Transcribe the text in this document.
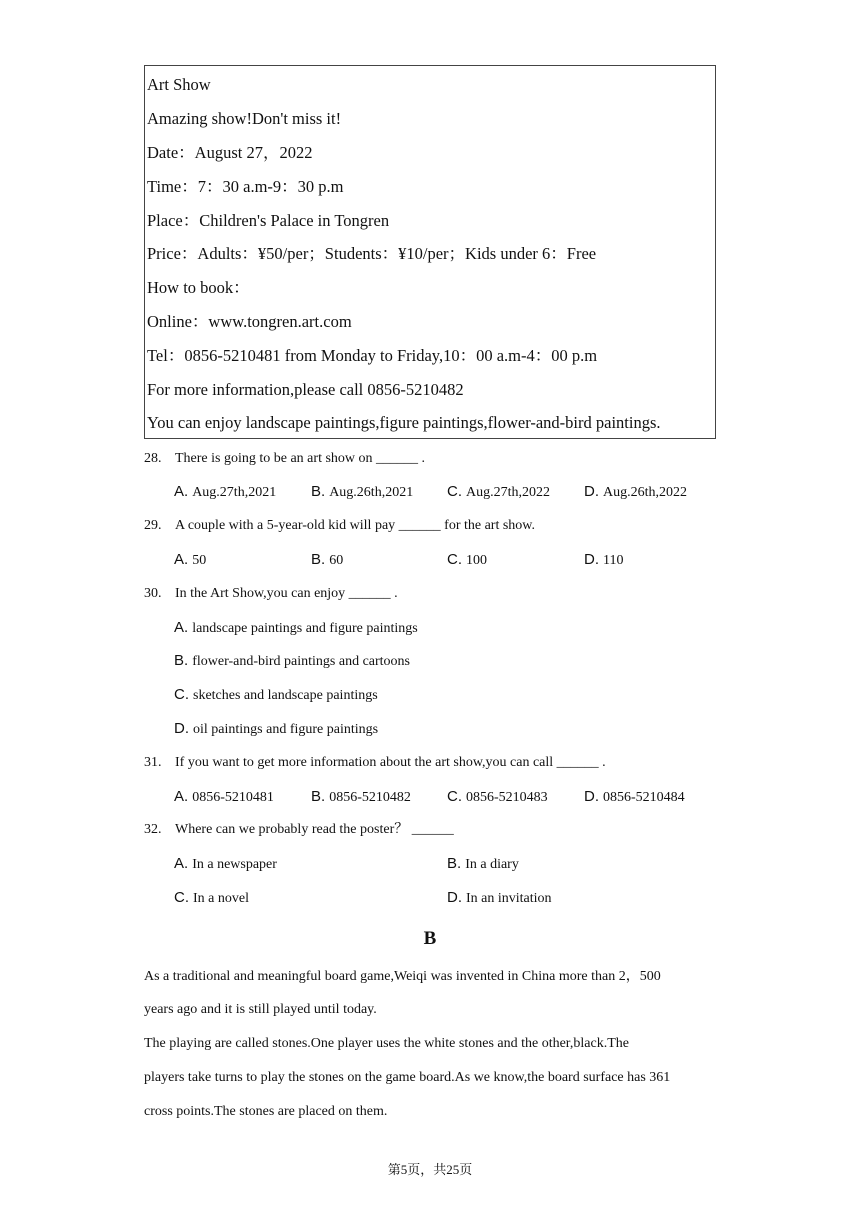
Art Show
Amazing show!Don't miss it!
Date：August 27，2022
Time：7：30 a.m-9：30 p.m
Place：Children's Palace in Tongren
Price：Adults：¥50/per；Students：¥10/per；Kids under 6：Free
How to book：
Online：www.tongren.art.com
Tel：0856-5210481 from Monday to Friday,10：00 a.m-4：00 p.m
For more information,please call 0856-5210482
You can enjoy landscape paintings,figure paintings,flower-and-bird paintings.
28. There is going to be an art show on ______ .
A. Aug.27th,2021 B. Aug.26th,2021 C. Aug.27th,2022 D. Aug.26th,2022
29. A couple with a 5-year-old kid will pay ______ for the art show.
A. 50	B. 60	C. 100	D. 110
30. In the Art Show,you can enjoy ______ .
A. landscape paintings and figure paintings
B. flower-and-bird paintings and cartoons
C. sketches and landscape paintings
D. oil paintings and figure paintings
31. If you want to get more information about the art show,you can call ______ .
A. 0856-5210481 B. 0856-5210482 C. 0856-5210483 D. 0856-5210484
32. Where can we probably read the poster？ ______
A. In a newspaper	B. In a diary
C. In a novel	D. In an invitation
B
As a traditional and meaningful board game,Weiqi was invented in China more than 2，500
years ago and it is still played until today.
The playing are called stones.One player uses the white stones and the other,black.The
players take turns to play the stones on the game board.As we know,the board surface has 361
cross points.The stones are placed on them.
第5页，共25页
